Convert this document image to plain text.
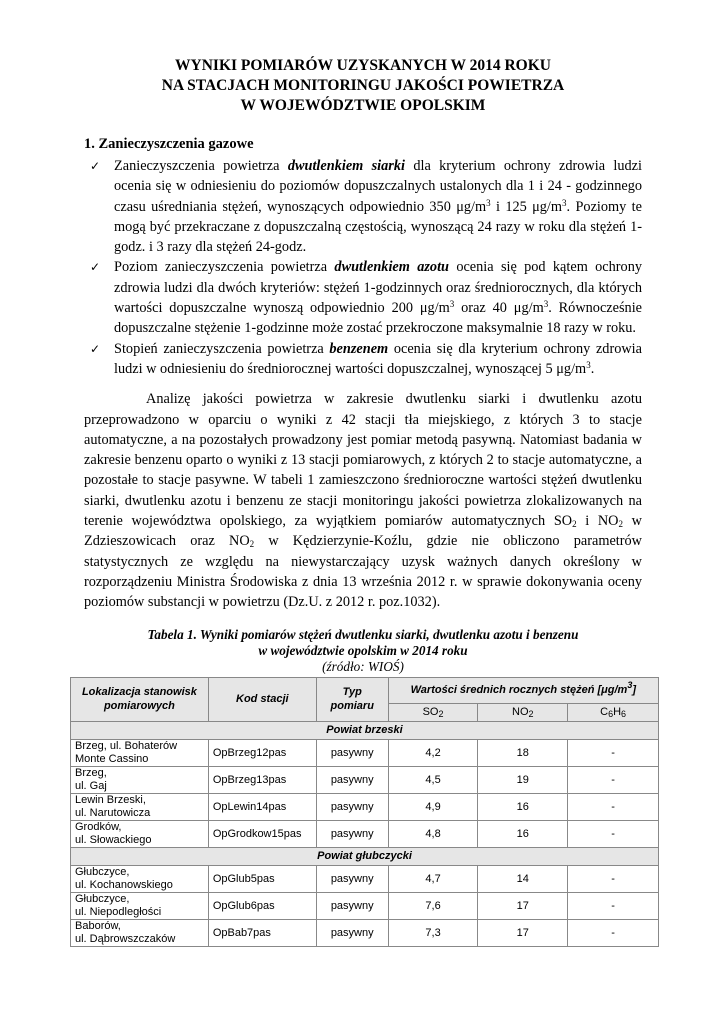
WYNIKI POMIARÓW UZYSKANYCH W 2014 ROKU
NA STACJACH MONITORINGU JAKOŚCI POWIETRZA
W WOJEWÓDZTWIE OPOLSKIM
1. Zanieczyszczenia gazowe
✓ Zanieczyszczenia powietrza dwutlenkiem siarki dla kryterium ochrony zdrowia ludzi ocenia się w odniesieniu do poziomów dopuszczalnych ustalonych dla 1 i 24 - godzinnego czasu uśredniania stężeń, wynoszących odpowiednio 350 $\mu g/m^3$ i 125 $\mu g/m^3$. Poziomy te mogą być przekraczane z dopuszczalną częstością, wynoszącą 24 razy w roku dla stężeń 1-godz. i 3 razy dla stężeń 24-godz.
✓ Poziom zanieczyszczenia powietrza dwutlenkiem azotu ocenia się pod kątem ochrony zdrowia ludzi dla dwóch kryteriów: stężeń 1-godzinnych oraz średniorocznych, dla których wartości dopuszczalne wynoszą odpowiednio 200 $\mu g/m^3$ oraz 40 $\mu g/m^3$. Równocześnie dopuszczalne stężenie 1-godzinne może zostać przekroczone maksymalnie 18 razy w roku.
✓ Stopień zanieczyszczenia powietrza benzenem ocenia się dla kryterium ochrony zdrowia ludzi w odniesieniu do średniorocznej wartości dopuszczalnej, wynoszącej 5 $\mu g/m^3$.

Analizę jakości powietrza w zakresie dwutlenku siarki i dwutlenku azotu przeprowadzono w oparciu o wyniki z 42 stacji tła miejskiego, z których 3 to stacje automatyczne, a na pozostałych prowadzony jest pomiar metodą pasywną. Natomiast badania w zakresie benzenu oparto o wyniki z 13 stacji pomiarowych, z których 2 to stacje automatyczne, a pozostałe to stacje pasywne. W tabeli 1 zamieszczono średnioroczne wartości stężeń dwutlenku siarki, dwutlenku azotu i benzenu ze stacji monitoringu jakości powietrza zlokalizowanych na terenie województwa opolskiego, za wyjątkiem pomiarów automatycznych $SO_2$ i $NO_2$ w Zdzieszowicach oraz $NO_2$ w Kędzierzynie-Koźlu, gdzie nie obliczono parametrów statystycznych ze względu na niewystarczający uzysk ważnych danych określony w rozporządzeniu Ministra Środowiska z dnia 13 września 2012 r. w sprawie dokonywania oceny poziomów substancji w powietrzu (Dz.U. z 2012 r. poz.1032).

Tabela 1. Wyniki pomiarów stężeń dwutlenku siarki, dwutlenku azotu i benzenu
w województwie opolskim w 2014 roku
(źródło: WIOŚ)
Lokalizacja stanowisk pomiarowych	Kod stacji	Typ pomiaru	Wartości średnich rocznych stężeń $[\mu g/m^3]$		
			$SO_2$	$NO_2$	$C_6H_6$
Powiat brzeski					
Brzeg, ul. Bohaterów
Monte Cassino	OpBrzeg12pas	pasywny	4,2	18	-
Brzeg,
ul. Gaj	OpBrzeg13pas	pasywny	4,5	19	-
Lewin Brzeski,
ul. Narutowicza	OpLewin14pas	pasywny	4,9	16	-
Grodków,
ul. Słowackiego	OpGrodkow15pas	pasywny	4,8	16	-
Powiat głubczycki					
Głubczyce,
ul. Kochanowskiego	OpGlub5pas	pasywny	4,7	14	-
Głubczyce,
ul. Niepodległości	OpGlub6pas	pasywny	7,6	17	-
Baborów,
ul. Dąbrowszczaków	OpBab7pas	pasywny	7,3	17	-
